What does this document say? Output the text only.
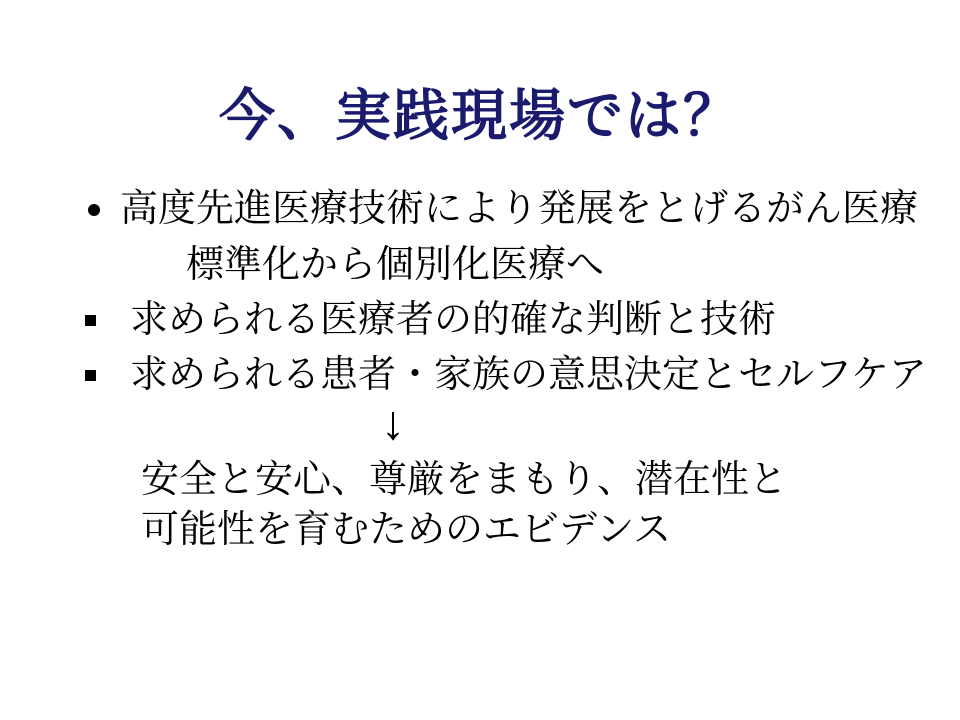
今、実践現場では？
高度先進医療技術により発展をとげるがん医療
標準化から個別化医療へ
求められる医療者の的確な判断と技術
求められる患者・家族の意思決定とセルフケア
↓
安全と安心、尊厳をまもり、潜在性と
可能性を育むためのエビデンス
